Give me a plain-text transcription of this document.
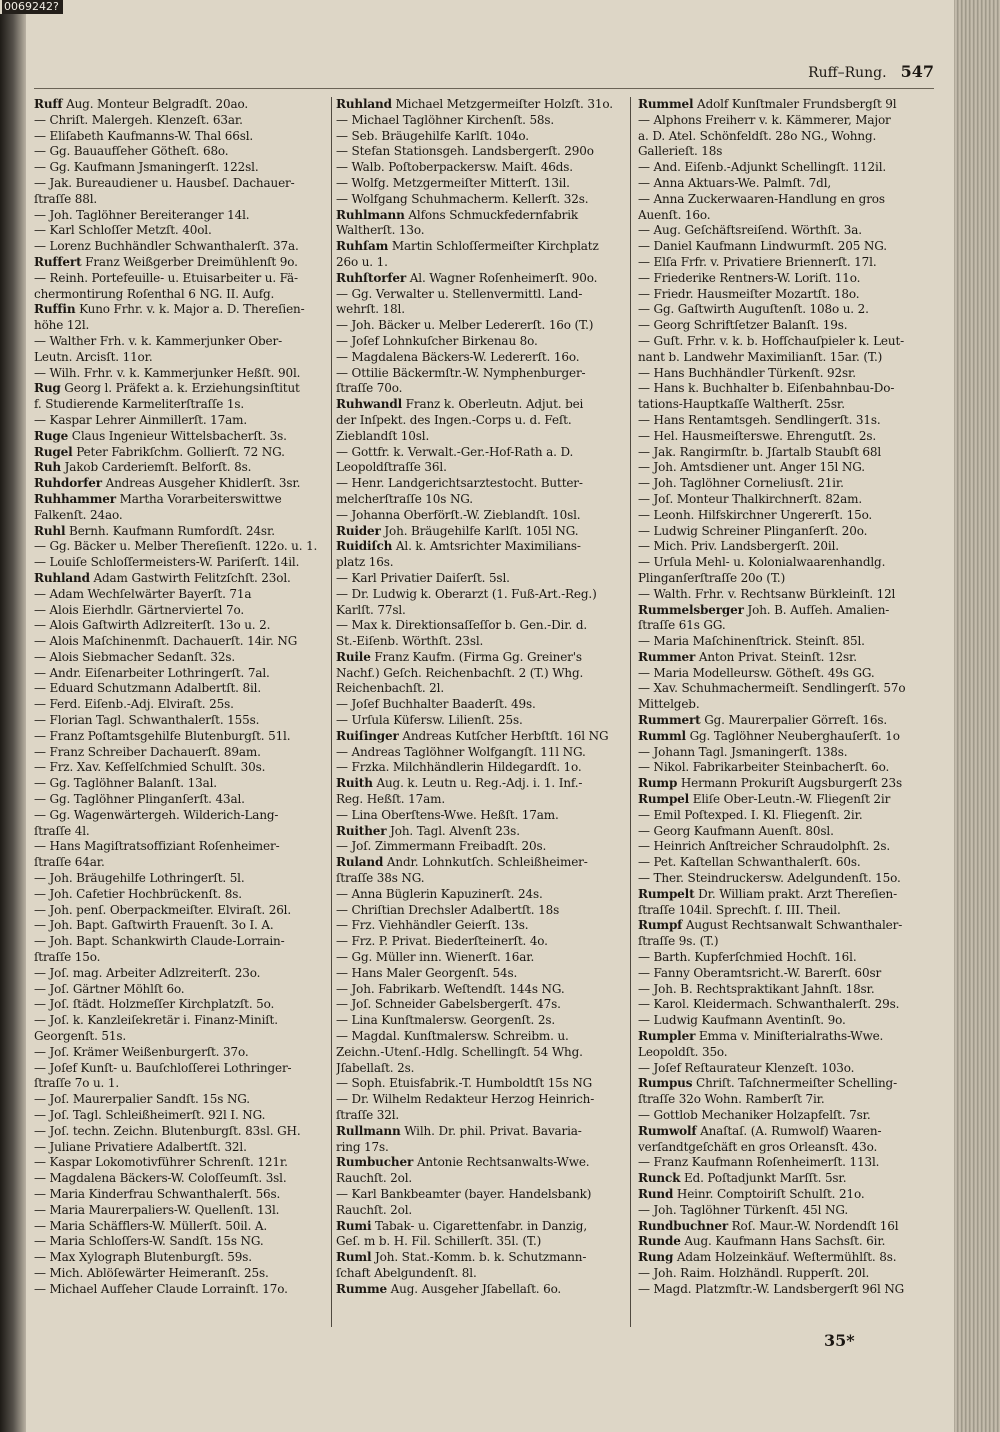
0069242?
Ruff–Rung. 547
Ruff Aug. Monteur Belgradſt. 20ao.
— Chriſt. Malergeh. Klenzeſt. 63ar.
— Eliſabeth Kaufmanns-W. Thal 66sl.
— Gg. Bauaufſeher Götheſt. 68o.
— Gg. Kaufmann Jsmaningerſt. 122sl.
— Jak. Bureaudiener u. Hausbeſ. Dachauer-
ſtraſſe 88l.
— Joh. Taglöhner Bereiteranger 14l.
— Karl Schloſſer Metzſt. 40ol.
— Lorenz Buchhändler Schwanthalerſt. 37a.
Ruffert Franz Weißgerber Dreimühlenſt 9o.
— Reinh. Portefeuille- u. Etuisarbeiter u. Fä-
chermontirung Roſenthal 6 NG. II. Aufg.
Ruffin Kuno Frhr. v. k. Major a. D. Thereſien-
höhe 12l.
— Walther Frh. v. k. Kammerjunker Ober-
Leutn. Arcisſt. 11or.
— Wilh. Frhr. v. k. Kammerjunker Heßſt. 90l.
Rug Georg l. Präfekt a. k. Erziehungsinſtitut
f. Studierende Karmeliterſtraſſe 1s.
— Kaspar Lehrer Ainmillerſt. 17am.
Ruge Claus Ingenieur Wittelsbacherſt. 3s.
Rugel Peter Fabrikſchm. Gollierſt. 72 NG.
Ruh Jakob Carderiemſt. Belforſt. 8s.
Ruhdorfer Andreas Ausgeher Khidlerſt. 3sr.
Ruhhammer Martha Vorarbeiterswittwe
Falkenſt. 24ao.
Ruhl Bernh. Kaufmann Rumfordſt. 24sr.
— Gg. Bäcker u. Melber Thereſienſt. 122o. u. 1.
— Louiſe Schloſſermeisters-W. Pariſerſt. 14il.
Ruhland Adam Gastwirth Felitzſchſt. 23ol.
— Adam Wechſelwärter Bayerſt. 71a
— Alois Eierhdlr. Gärtnerviertel 7o.
— Alois Gaſtwirth Adlzreiterſt. 13o u. 2.
— Alois Maſchinenmſt. Dachauerſt. 14ir. NG
— Alois Siebmacher Sedanſt. 32s.
— Andr. Eiſenarbeiter Lothringerſt. 7al.
— Eduard Schutzmann Adalbertſt. 8il.
— Ferd. Eiſenb.-Adj. Elviraſt. 25s.
— Florian Tagl. Schwanthalerſt. 155s.
— Franz Poſtamtsgehilfe Blutenburgſt. 51l.
— Franz Schreiber Dachauerſt. 89am.
— Frz. Xav. Keſſelſchmied Schulſt. 30s.
— Gg. Taglöhner Balanſt. 13al.
— Gg. Taglöhner Plinganſerſt. 43al.
— Gg. Wagenwärtergeh. Wilderich-Lang-
ſtraſſe 4l.
— Hans Magiſtratsoffiziant Roſenheimer-
ſtraſſe 64ar.
— Joh. Bräugehilfe Lothringerſt. 5l.
— Joh. Cafetier Hochbrückenſt. 8s.
— Joh. penſ. Oberpackmeiſter. Elviraſt. 26l.
— Joh. Bapt. Gaſtwirth Frauenſt. 3o I. A.
— Joh. Bapt. Schankwirth Claude-Lorrain-
ſtraſſe 15o.
— Joſ. mag. Arbeiter Adlzreiterſt. 23o.
— Joſ. Gärtner Möhlſt 6o.
— Joſ. ſtädt. Holzmeſſer Kirchplatzſt. 5o.
— Joſ. k. Kanzleiſekretär i. Finanz-Miniſt.
Georgenſt. 51s.
— Joſ. Krämer Weißenburgerſt. 37o.
— Joſef Kunſt- u. Bauſchloſſerei Lothringer-
ſtraſſe 7o u. 1.
— Joſ. Maurerpalier Sandſt. 15s NG.
— Joſ. Tagl. Schleißheimerſt. 92l I. NG.
— Joſ. techn. Zeichn. Blutenburgſt. 83sl. GH.
— Juliane Privatiere Adalbertſt. 32l.
— Kaspar Lokomotivführer Schrenſt. 121r.
— Magdalena Bäckers-W. Coloſſeumſt. 3sl.
— Maria Kinderfrau Schwanthalerſt. 56s.
— Maria Maurerpaliers-W. Quellenſt. 13l.
— Maria Schäfflers-W. Müllerſt. 50il. A.
— Maria Schloſſers-W. Sandſt. 15s NG.
— Max Xylograph Blutenburgſt. 59s.
— Mich. Ablöſewärter Heimeranſt. 25s.
— Michael Aufſeher Claude Lorrainſt. 17o.
Ruhland Michael Metzgermeiſter Holzſt. 31o.
— Michael Taglöhner Kirchenſt. 58s.
— Seb. Bräugehilfe Karlſt. 104o.
— Stefan Stationsgeh. Landsbergerſt. 290o
— Walb. Poſtoberpackersw. Maiſt. 46ds.
— Wolfg. Metzgermeiſter Mitterſt. 13il.
— Wolfgang Schuhmacherm. Kellerſt. 32s.
Ruhlmann Alfons Schmuckfedernfabrik
Waltherſt. 13o.
Ruhſam Martin Schloſſermeiſter Kirchplatz
26o u. 1.
Ruhſtorfer Al. Wagner Roſenheimerſt. 90o.
— Gg. Verwalter u. Stellenvermittl. Land-
wehrſt. 18l.
— Joh. Bäcker u. Melber Ledererſt. 16o (T.)
— Joſef Lohnkuſcher Birkenau 8o.
— Magdalena Bäckers-W. Ledererſt. 16o.
— Ottilie Bäckermſtr.-W. Nymphenburger-
ſtraſſe 70o.
Ruhwandl Franz k. Oberleutn. Adjut. bei
der Inſpekt. des Ingen.-Corps u. d. Feſt.
Zieblandſt 10sl.
— Gottfr. k. Verwalt.-Ger.-Hof-Rath a. D.
Leopoldſtraſſe 36l.
— Henr. Landgerichtsarztestocht. Butter-
melcherſtraſſe 10s NG.
— Johanna Oberförſt.-W. Zieblandſt. 10sl.
Ruider Joh. Bräugehilfe Karlſt. 105l NG.
Ruidiſch Al. k. Amtsrichter Maximilians-
platz 16s.
— Karl Privatier Daiſerſt. 5sl.
— Dr. Ludwig k. Oberarzt (1. Fuß-Art.-Reg.)
Karlſt. 77sl.
— Max k. Direktionsaſſeſſor b. Gen.-Dir. d.
St.-Eiſenb. Wörthſt. 23sl.
Ruile Franz Kaufm. (Firma Gg. Greiner's
Nachf.) Geſch. Reichenbachſt. 2 (T.) Whg.
Reichenbachſt. 2l.
— Joſef Buchhalter Baaderſt. 49s.
— Urſula Küfersw. Lilienſt. 25s.
Ruiſinger Andreas Kutſcher Herbſtſt. 16l NG
— Andreas Taglöhner Wolfgangſt. 11l NG.
— Frzka. Milchhändlerin Hildegardſt. 1o.
Ruith Aug. k. Leutn u. Reg.-Adj. i. 1. Inf.-
Reg. Heßſt. 17am.
— Lina Oberſtens-Wwe. Heßſt. 17am.
Ruither Joh. Tagl. Alvenſt 23s.
— Joſ. Zimmermann Freibadſt. 20s.
Ruland Andr. Lohnkutſch. Schleißheimer-
ſtraſſe 38s NG.
— Anna Büglerin Kapuzinerſt. 24s.
— Chriſtian Drechsler Adalbertſt. 18s
— Frz. Viehhändler Geierſt. 13s.
— Frz. P. Privat. Biederſteinerſt. 4o.
— Gg. Müller inn. Wienerſt. 16ar.
— Hans Maler Georgenſt. 54s.
— Joh. Fabrikarb. Weſtendſt. 144s NG.
— Joſ. Schneider Gabelsbergerſt. 47s.
— Lina Kunſtmalersw. Georgenſt. 2s.
— Magdal. Kunſtmalersw. Schreibm. u.
Zeichn.-Utenſ.-Hdlg. Schellingſt. 54 Whg.
Jſabellaſt. 2s.
— Soph. Etuisfabrik.-T. Humboldtſt 15s NG
— Dr. Wilhelm Redakteur Herzog Heinrich-
ſtraſſe 32l.
Rullmann Wilh. Dr. phil. Privat. Bavaria-
ring 17s.
Rumbucher Antonie Rechtsanwalts-Wwe.
Rauchſt. 2ol.
— Karl Bankbeamter (bayer. Handelsbank)
Rauchſt. 2ol.
Rumi Tabak- u. Cigarettenfabr. in Danzig,
Geſ. m b. H. Fil. Schillerſt. 35l. (T.)
Ruml Joh. Stat.-Komm. b. k. Schutzmann-
ſchaft Abelgundenſt. 8l.
Rumme Aug. Ausgeher Jſabellaſt. 6o.
Rummel Adolf Kunſtmaler Frundsbergſt 9l
— Alphons Freiherr v. k. Kämmerer, Major
a. D. Atel. Schönfeldſt. 28o NG., Wohng.
Gallerieſt. 18s
— And. Eiſenb.-Adjunkt Schellingſt. 112il.
— Anna Aktuars-We. Palmſt. 7dl,
— Anna Zuckerwaaren-Handlung en gros
Auenſt. 16o.
— Aug. Geſchäftsreiſend. Wörthſt. 3a.
— Daniel Kaufmann Lindwurmſt. 205 NG.
— Elſa Frfr. v. Privatiere Briennerſt. 17l.
— Friederike Rentners-W. Loriſt. 11o.
— Friedr. Hausmeiſter Mozartſt. 18o.
— Gg. Gaſtwirth Auguſtenſt. 108o u. 2.
— Georg Schriftſetzer Balanſt. 19s.
— Guſt. Frhr. v. k. b. Hofſchauſpieler k. Leut-
nant b. Landwehr Maximilianſt. 15ar. (T.)
— Hans Buchhändler Türkenſt. 92sr.
— Hans k. Buchhalter b. Eiſenbahnbau-Do-
tations-Hauptkaſſe Waltherſt. 25sr.
— Hans Rentamtsgeh. Sendlingerſt. 31s.
— Hel. Hausmeiſterswe. Ehrengutſt. 2s.
— Jak. Rangirmſtr. b. Jſartalb Staubſt 68l
— Joh. Amtsdiener unt. Anger 15l NG.
— Joh. Taglöhner Corneliusſt. 21ir.
— Joſ. Monteur Thalkirchnerſt. 82am.
— Leonh. Hilfskirchner Ungererſt. 15o.
— Ludwig Schreiner Plinganſerſt. 20o.
— Mich. Priv. Landsbergerſt. 20il.
— Urſula Mehl- u. Kolonialwaarenhandlg.
Plinganſerſtraſſe 20o (T.)
— Walth. Frhr. v. Rechtsanw Bürkleinſt. 12l
Rummelsberger Joh. B. Aufſeh. Amalien-
ſtraſſe 61s GG.
— Maria Maſchinenſtrick. Steinſt. 85l.
Rummer Anton Privat. Steinſt. 12sr.
— Maria Modelleursw. Götheſt. 49s GG.
— Xav. Schuhmachermeiſt. Sendlingerſt. 57o
Mittelgeb.
Rummert Gg. Maurerpalier Görreſt. 16s.
Rumml Gg. Taglöhner Neuberghauſerſt. 1o
— Johann Tagl. Jsmaningerſt. 138s.
— Nikol. Fabrikarbeiter Steinbacherſt. 6o.
Rump Hermann Prokuriſt Augsburgerſt 23s
Rumpel Eliſe Ober-Leutn.-W. Fliegenſt 2ir
— Emil Poſtexped. I. Kl. Fliegenſt. 2ir.
— Georg Kaufmann Auenſt. 80sl.
— Heinrich Anſtreicher Schraudolphſt. 2s.
— Pet. Kaſtellan Schwanthalerſt. 60s.
— Ther. Steindruckersw. Adelgundenſt. 15o.
Rumpelt Dr. William prakt. Arzt Thereſien-
ſtraſſe 104il. Sprechſt. ſ. III. Theil.
Rumpf August Rechtsanwalt Schwanthaler-
ſtraſſe 9s. (T.)
— Barth. Kupferſchmied Hochſt. 16l.
— Fanny Oberamtsricht.-W. Barerſt. 60sr
— Joh. B. Rechtspraktikant Jahnſt. 18sr.
— Karol. Kleidermach. Schwanthalerſt. 29s.
— Ludwig Kaufmann Aventinſt. 9o.
Rumpler Emma v. Miniſterialraths-Wwe.
Leopoldſt. 35o.
— Joſef Reſtaurateur Klenzeſt. 103o.
Rumpus Chriſt. Taſchnermeiſter Schelling-
ſtraſſe 32o Wohn. Ramberſt 7ir.
— Gottlob Mechaniker Holzapfelſt. 7sr.
Rumwolf Anaſtaſ. (A. Rumwolf) Waaren-
verſandtgeſchäft en gros Orleansſt. 43o.
— Franz Kaufmann Roſenheimerſt. 113l.
Runck Ed. Poſtadjunkt Marſſt. 5sr.
Rund Heinr. Comptoiriſt Schulſt. 21o.
— Joh. Taglöhner Türkenſt. 45l NG.
Rundbuchner Roſ. Maur.-W. Nordendſt 16l
Runde Aug. Kaufmann Hans Sachsſt. 6ir.
Rung Adam Holzeinkäuf. Weſtermühlſt. 8s.
— Joh. Raim. Holzhändl. Rupperſt. 20l.
— Magd. Platzmſtr.-W. Landsbergerſt 96l NG
35*
